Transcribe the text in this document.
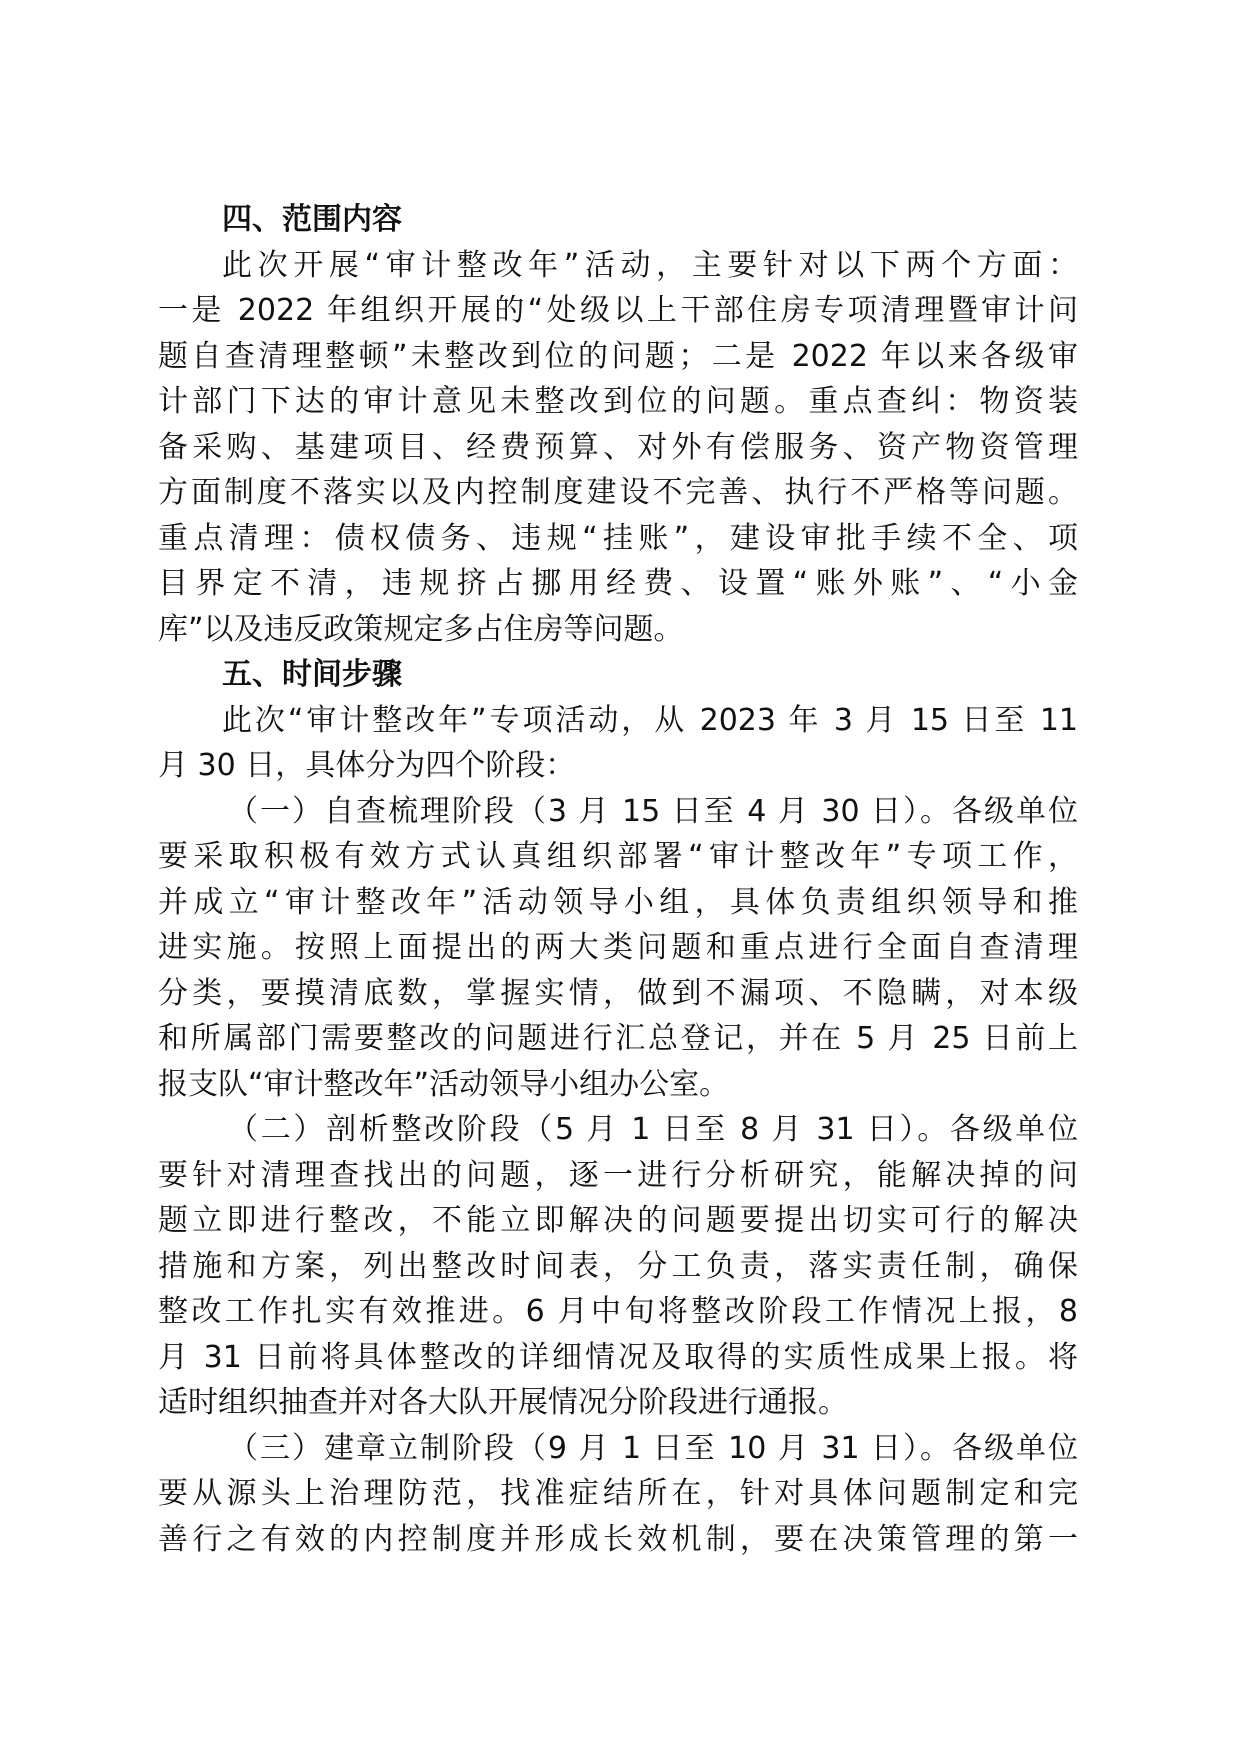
四、范围内容
此次开展“审计整改年”活动，主要针对以下两个方面：
一是 2022 年组织开展的“处级以上干部住房专项清理暨审计问
题自查清理整顿”未整改到位的问题；二是 2022 年以来各级审
计部门下达的审计意见未整改到位的问题。重点查纠：物资装
备采购、基建项目、经费预算、对外有偿服务、资产物资管理
方面制度不落实以及内控制度建设不完善、执行不严格等问题。
重点清理：债权债务、违规“挂账”，建设审批手续不全、项
目界定不清，违规挤占挪用经费、设置“账外账”、“小金
库”以及违反政策规定多占住房等问题。
五、时间步骤
此次“审计整改年”专项活动，从 2023 年 3 月 15 日至 11
月 30 日，具体分为四个阶段：
（一）自查梳理阶段（3 月 15 日至 4 月 30 日）。各级单位
要采取积极有效方式认真组织部署“审计整改年”专项工作，
并成立“审计整改年”活动领导小组，具体负责组织领导和推
进实施。按照上面提出的两大类问题和重点进行全面自查清理
分类，要摸清底数，掌握实情，做到不漏项、不隐瞒，对本级
和所属部门需要整改的问题进行汇总登记，并在 5 月 25 日前上
报支队“审计整改年”活动领导小组办公室。
（二）剖析整改阶段（5 月 1 日至 8 月 31 日）。各级单位
要针对清理查找出的问题，逐一进行分析研究，能解决掉的问
题立即进行整改，不能立即解决的问题要提出切实可行的解决
措施和方案，列出整改时间表，分工负责，落实责任制，确保
整改工作扎实有效推进。6 月中旬将整改阶段工作情况上报，8
月 31 日前将具体整改的详细情况及取得的实质性成果上报。将
适时组织抽查并对各大队开展情况分阶段进行通报。
（三）建章立制阶段（9 月 1 日至 10 月 31 日）。各级单位
要从源头上治理防范，找准症结所在，针对具体问题制定和完
善行之有效的内控制度并形成长效机制，要在决策管理的第一
